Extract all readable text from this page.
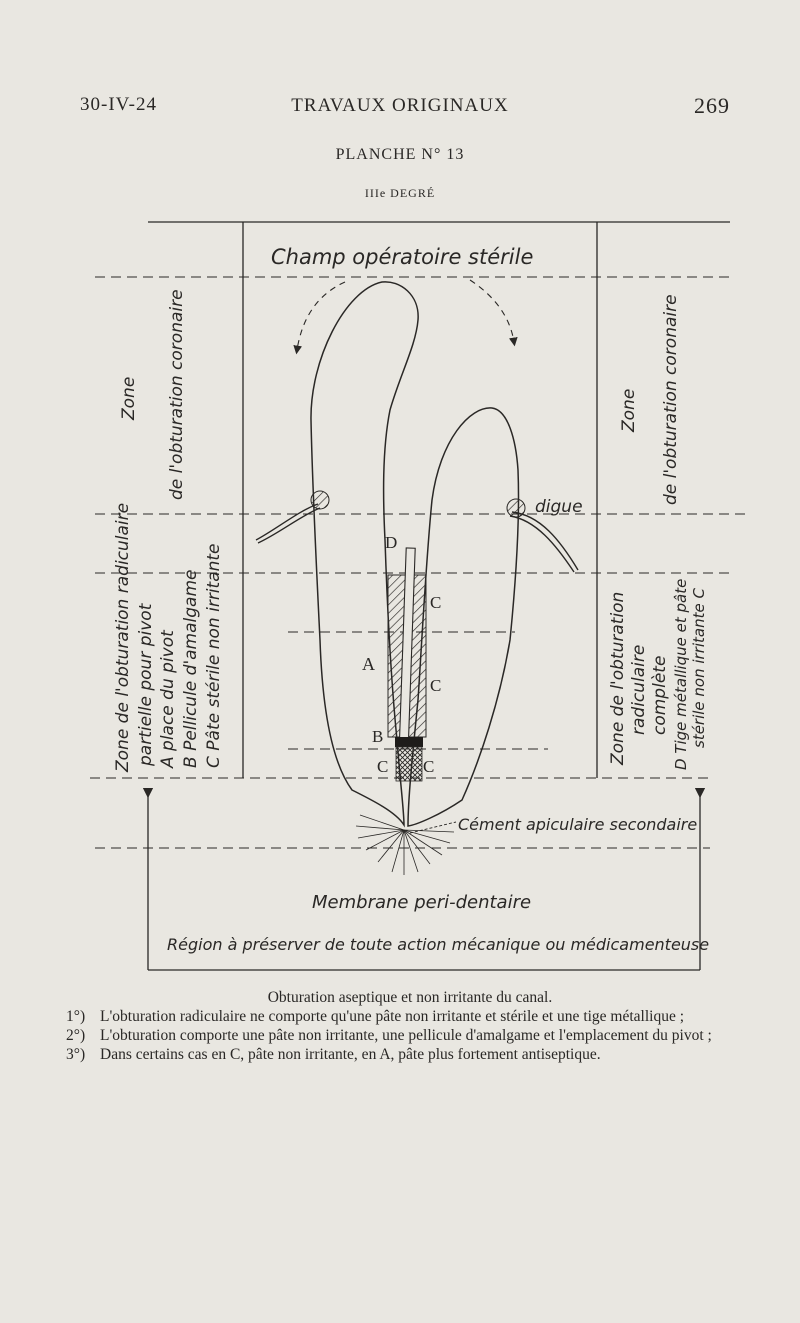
30-IV-24	TRAVAUX ORIGINAUX	269
PLANCHE N° 13
IIIe DEGRÉ
Champ opératoire stérile
Zone de l'obturation coronaire	Zone de l'obturation coronaire
Zone de l'obturation radiculaire partielle pour pivot A place du pivot B Pellicule d'amalgame C Pâte stérile non irritante	Zone de l'obturation radiculaire complète D Tige métallique et pâte stérile non irritante C
digue
D
C
A
C
B
C C
Cément apiculaire secondaire
Membrane peri-dentaire
Région à préserver de toute action mécanique ou médicamenteuse
Obturation aseptique et non irritante du canal.
1°) L'obturation radiculaire ne comporte qu'une pâte non irritante et stérile et une tige métallique ;
2°) L'obturation comporte une pâte non irritante, une pellicule d'amalgame et l'emplacement du pivot ;
3°) Dans certains cas en C, pâte non irritante, en A, pâte plus fortement antiseptique.
